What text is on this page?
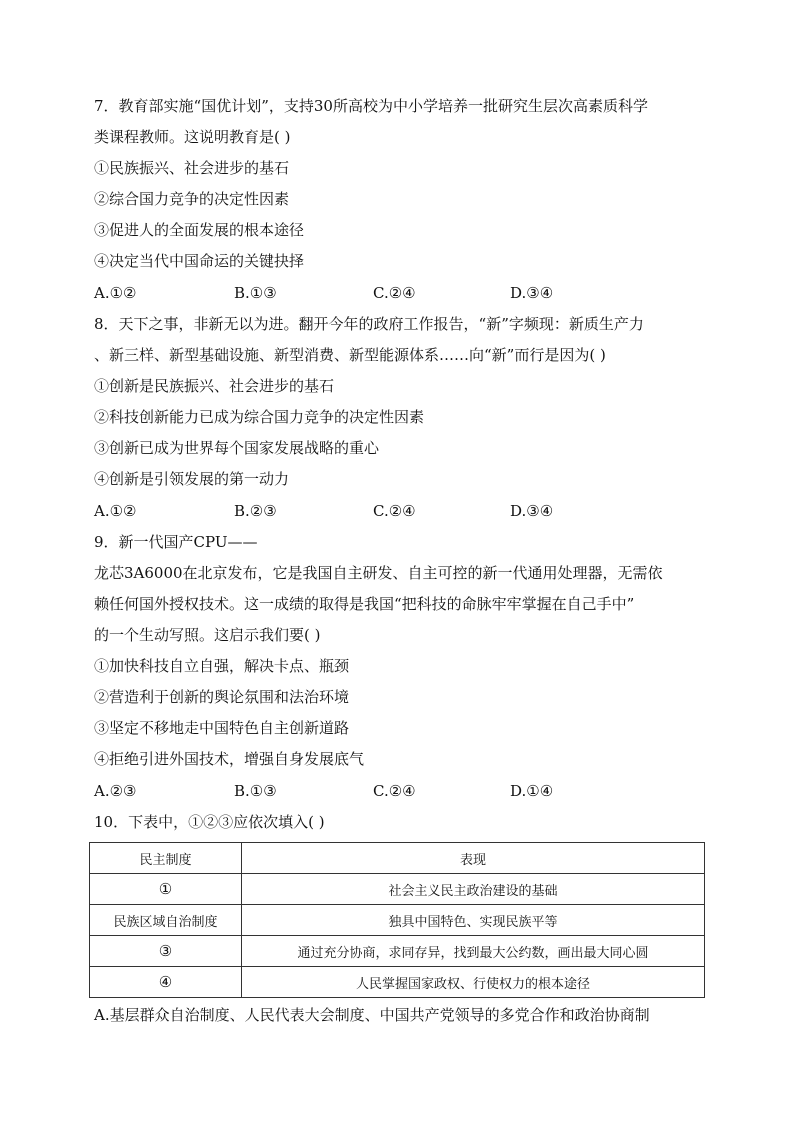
7．教育部实施“国优计划”，支持30所高校为中小学培养一批研究生层次高素质科学
类课程教师。这说明教育是( )
①民族振兴、社会进步的基石
②综合国力竞争的决定性因素
③促进人的全面发展的根本途径
④决定当代中国命运的关键抉择
A.①②	B.①③	C.②④	D.③④
8．天下之事，非新无以为进。翻开今年的政府工作报告，“新”字频现：新质生产力
、新三样、新型基础设施、新型消费、新型能源体系……向“新”而行是因为( )
①创新是民族振兴、社会进步的基石
②科技创新能力已成为综合国力竞争的决定性因素
③创新已成为世界每个国家发展战略的重心
④创新是引领发展的第一动力
A.①②	B.②③	C.②④	D.③④
9．新一代国产CPU——
龙芯3A6000在北京发布，它是我国自主研发、自主可控的新一代通用处理器，无需依
赖任何国外授权技术。这一成绩的取得是我国“把科技的命脉牢牢掌握在自己手中”
的一个生动写照。这启示我们要( )
①加快科技自立自强，解决卡点、瓶颈
②营造利于创新的舆论氛围和法治环境
③坚定不移地走中国特色自主创新道路
④拒绝引进外国技术，增强自身发展底气
A.②③	B.①③	C.②④	D.①④
10．下表中，①②③应依次填入( )
民主制度	表现
①	社会主义民主政治建设的基础
民族区域自治制度	独具中国特色、实现民族平等
③	通过充分协商，求同存异，找到最大公约数，画出最大同心圆
④	人民掌握国家政权、行使权力的根本途径
A.基层群众自治制度、人民代表大会制度、中国共产党领导的多党合作和政治协商制
